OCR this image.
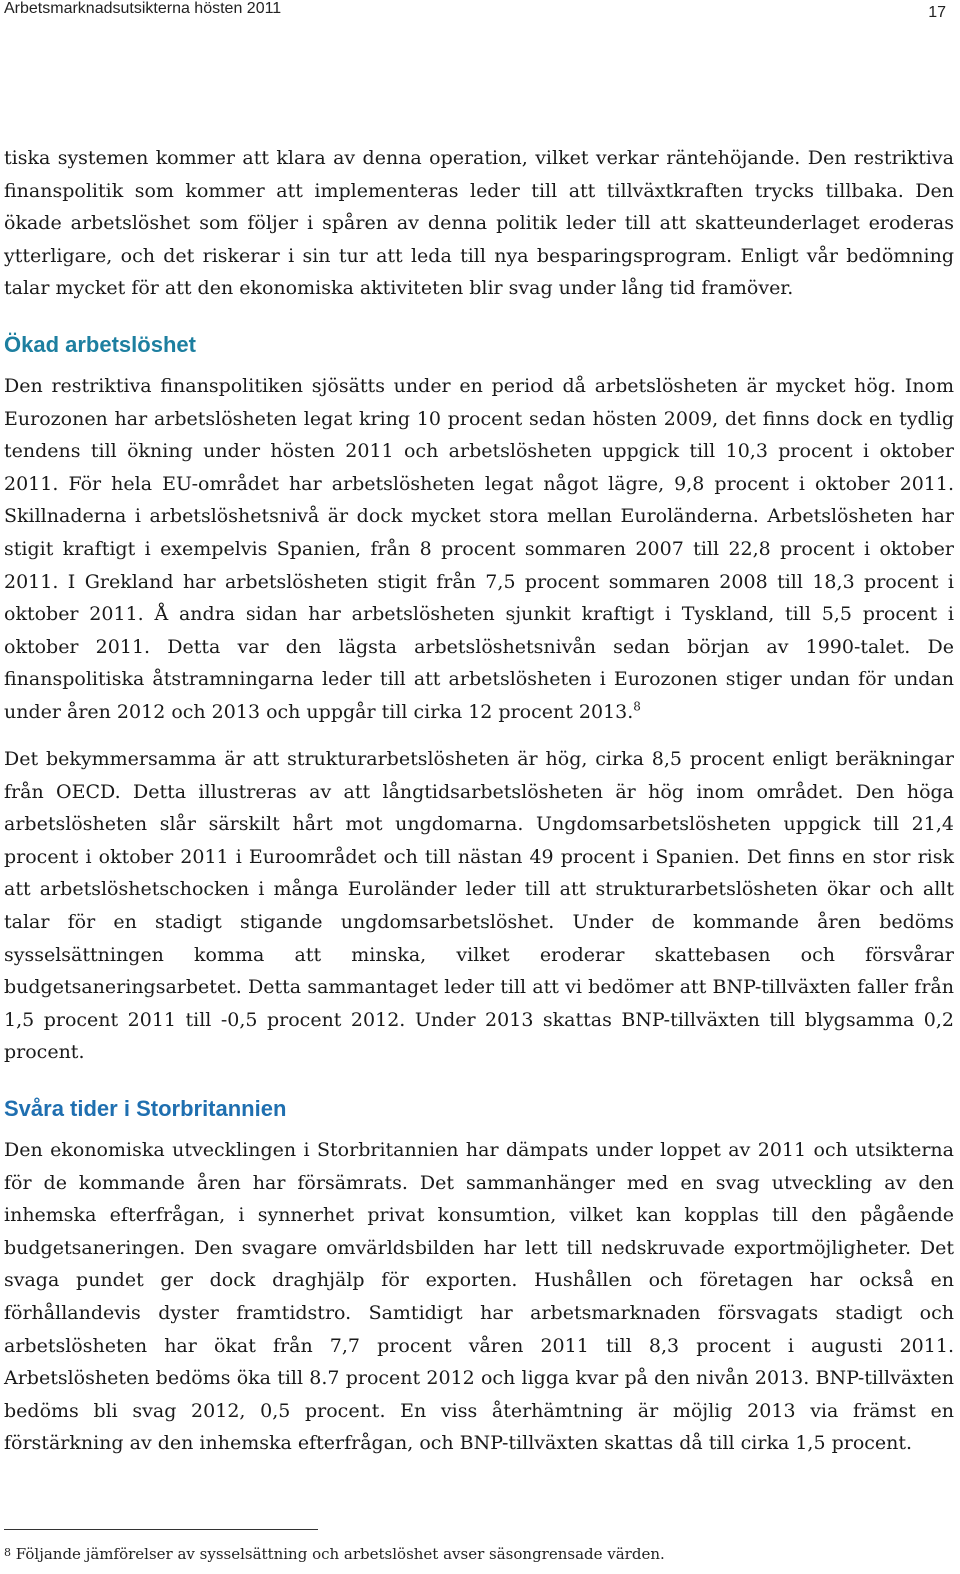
Arbetsmarknadsutsikterna hösten 2011	17

tiska systemen kommer att klara av denna operation, vilket verkar räntehöjande. Den restriktiva finanspolitik som kommer att implementeras leder till att tillväxtkraften trycks tillbaka. Den ökade arbetslöshet som följer i spåren av denna politik leder till att skatteunderlaget eroderas ytterligare, och det riskerar i sin tur att leda till nya besparingsprogram. Enligt vår bedömning talar mycket för att den ekonomiska aktiviteten blir svag under lång tid framöver.

Ökad arbetslöshet

Den restriktiva finanspolitiken sjösätts under en period då arbetslösheten är mycket hög. Inom Eurozonen har arbetslösheten legat kring 10 procent sedan hösten 2009, det finns dock en tydlig tendens till ökning under hösten 2011 och arbetslösheten uppgick till 10,3 procent i oktober 2011. För hela EU-området har arbetslösheten legat något lägre, 9,8 procent i oktober 2011. Skillnaderna i arbetslöshetsnivå är dock mycket stora mellan Euroländerna. Arbetslösheten har stigit kraftigt i exempelvis Spanien, från 8 procent sommaren 2007 till 22,8 procent i oktober 2011. I Grekland har arbetslösheten stigit från 7,5 procent sommaren 2008 till 18,3 procent i oktober 2011. Å andra sidan har arbetslösheten sjunkit kraftigt i Tyskland, till 5,5 procent i oktober 2011. Detta var den lägsta arbetslöshetsnivån sedan början av 1990-talet. De finanspolitiska åtstramningarna leder till att arbetslösheten i Eurozonen stiger undan för undan under åren 2012 och 2013 och uppgår till cirka 12 procent 2013.$^8$

Det bekymmersamma är att strukturarbetslösheten är hög, cirka 8,5 procent enligt beräkningar från OECD. Detta illustreras av att långtidsarbetslösheten är hög inom området. Den höga arbetslösheten slår särskilt hårt mot ungdomarna. Ungdomsarbetslösheten uppgick till 21,4 procent i oktober 2011 i Euroområdet och till nästan 49 procent i Spanien. Det finns en stor risk att arbetslöshetschocken i många Euroländer leder till att strukturarbetslösheten ökar och allt talar för en stadigt stigande ungdomsarbetslöshet. Under de kommande åren bedöms sysselsättningen komma att minska, vilket eroderar skattebasen och försvårar budgetsaneringsarbetet. Detta sammantaget leder till att vi bedömer att BNP-tillväxten faller från 1,5 procent 2011 till -0,5 procent 2012. Under 2013 skattas BNP-tillväxten till blygsamma 0,2 procent.

Svåra tider i Storbritannien

Den ekonomiska utvecklingen i Storbritannien har dämpats under loppet av 2011 och utsikterna för de kommande åren har försämrats. Det sammanhänger med en svag utveckling av den inhemska efterfrågan, i synnerhet privat konsumtion, vilket kan kopplas till den pågående budgetsaneringen. Den svagare omvärldsbilden har lett till nedskruvade exportmöjligheter. Det svaga pundet ger dock draghjälp för exporten. Hushållen och företagen har också en förhållandevis dyster framtidstro. Samtidigt har arbetsmarknaden försvagats stadigt och arbetslösheten har ökat från 7,7 procent våren 2011 till 8,3 procent i augusti 2011. Arbetslösheten bedöms öka till 8.7 procent 2012 och ligga kvar på den nivån 2013. BNP-tillväxten bedöms bli svag 2012, 0,5 procent. En viss återhämtning är möjlig 2013 via främst en förstärkning av den inhemska efterfrågan, och BNP-tillväxten skattas då till cirka 1,5 procent.

$^8$ Följande jämförelser av sysselsättning och arbetslöshet avser säsongrensade värden.
